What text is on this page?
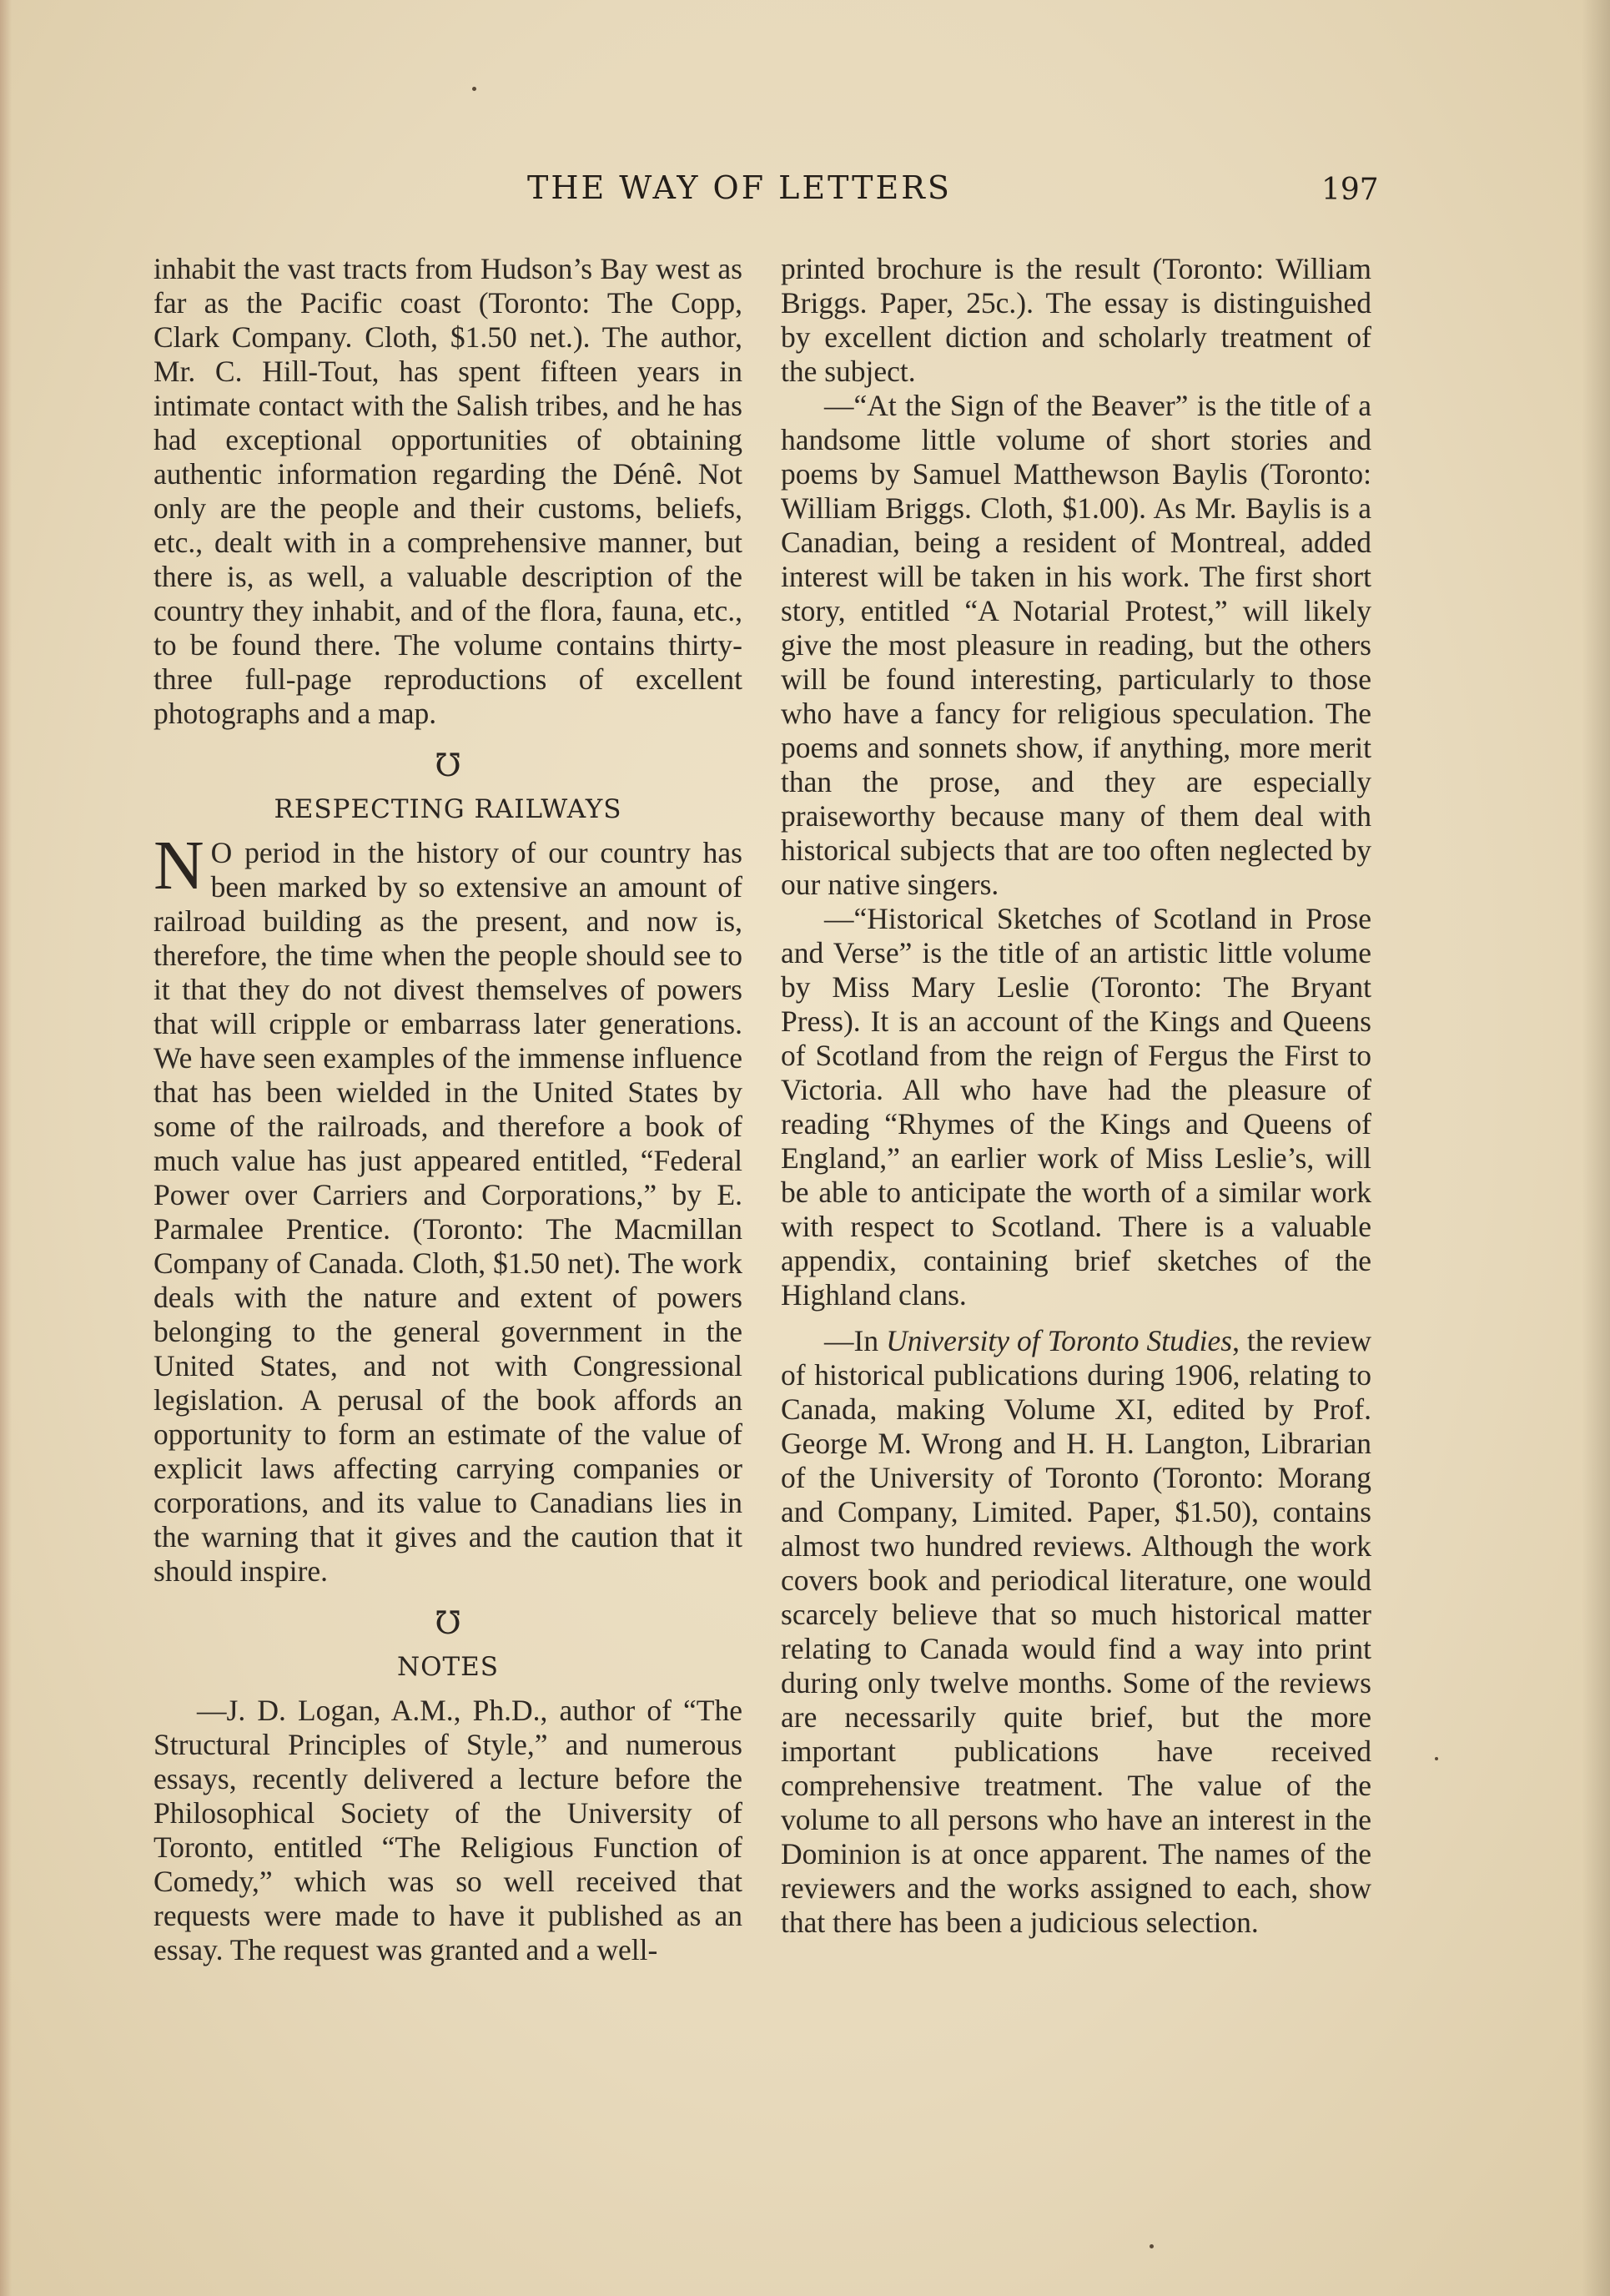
THE WAY OF LETTERS	197

inhabit the vast tracts from Hudson’s Bay west as far as the Pacific coast (Toronto: The Copp, Clark Company. Cloth, $1.50 net.). The author, Mr. C. Hill-Tout, has spent fifteen years in intimate contact with the Salish tribes, and he has had exceptional opportunities of obtaining authentic information regarding the Dénê. Not only are the people and their customs, beliefs, etc., dealt with in a comprehensive manner, but there is, as well, a valuable description of the country they inhabit, and of the flora, fauna, etc., to be found there. The volume contains thirty-three full-page reproductions of excellent photographs and a map.

℧
RESPECTING RAILWAYS

N O period in the history of our country has been marked by so extensive an amount of railroad building as the present, and now is, therefore, the time when the people should see to it that they do not divest themselves of powers that will cripple or embarrass later generations. We have seen examples of the immense influence that has been wielded in the United States by some of the railroads, and therefore a book of much value has just appeared entitled, “Federal Power over Carriers and Corporations,” by E. Parmalee Prentice. (Toronto: The Macmillan Company of Canada. Cloth, $1.50 net). The work deals with the nature and extent of powers belonging to the general government in the United States, and not with Congressional legislation. A perusal of the book affords an opportunity to form an estimate of the value of explicit laws affecting carrying companies or corporations, and its value to Canadians lies in the warning that it gives and the caution that it should inspire.

℧
NOTES

—J. D. Logan, A.M., Ph.D., author of “The Structural Principles of Style,” and numerous essays, recently delivered a lecture before the Philosophical Society of the University of Toronto, entitled “The Religious Function of Comedy,” which was so well received that requests were made to have it published as an essay. The request was granted and a well-

printed brochure is the result (Toronto: William Briggs. Paper, 25c.). The essay is distinguished by excellent diction and scholarly treatment of the subject.

—“At the Sign of the Beaver” is the title of a handsome little volume of short stories and poems by Samuel Matthewson Baylis (Toronto: William Briggs. Cloth, $1.00). As Mr. Baylis is a Canadian, being a resident of Montreal, added interest will be taken in his work. The first short story, entitled “A Notarial Protest,” will likely give the most pleasure in reading, but the others will be found interesting, particularly to those who have a fancy for religious speculation. The poems and sonnets show, if anything, more merit than the prose, and they are especially praiseworthy because many of them deal with historical subjects that are too often neglected by our native singers.

—“Historical Sketches of Scotland in Prose and Verse” is the title of an artistic little volume by Miss Mary Leslie (Toronto: The Bryant Press). It is an account of the Kings and Queens of Scotland from the reign of Fergus the First to Victoria. All who have had the pleasure of reading “Rhymes of the Kings and Queens of England,” an earlier work of Miss Leslie’s, will be able to anticipate the worth of a similar work with respect to Scotland. There is a valuable appendix, containing brief sketches of the Highland clans.

—In University of Toronto Studies, the review of historical publications during 1906, relating to Canada, making Volume XI, edited by Prof. George M. Wrong and H. H. Langton, Librarian of the University of Toronto (Toronto: Morang and Company, Limited. Paper, $1.50), contains almost two hundred reviews. Although the work covers book and periodical literature, one would scarcely believe that so much historical matter relating to Canada would find a way into print during only twelve months. Some of the reviews are necessarily quite brief, but the more important publications have received comprehensive treatment. The value of the volume to all persons who have an interest in the Dominion is at once apparent. The names of the reviewers and the works assigned to each, show that there has been a judicious selection.
